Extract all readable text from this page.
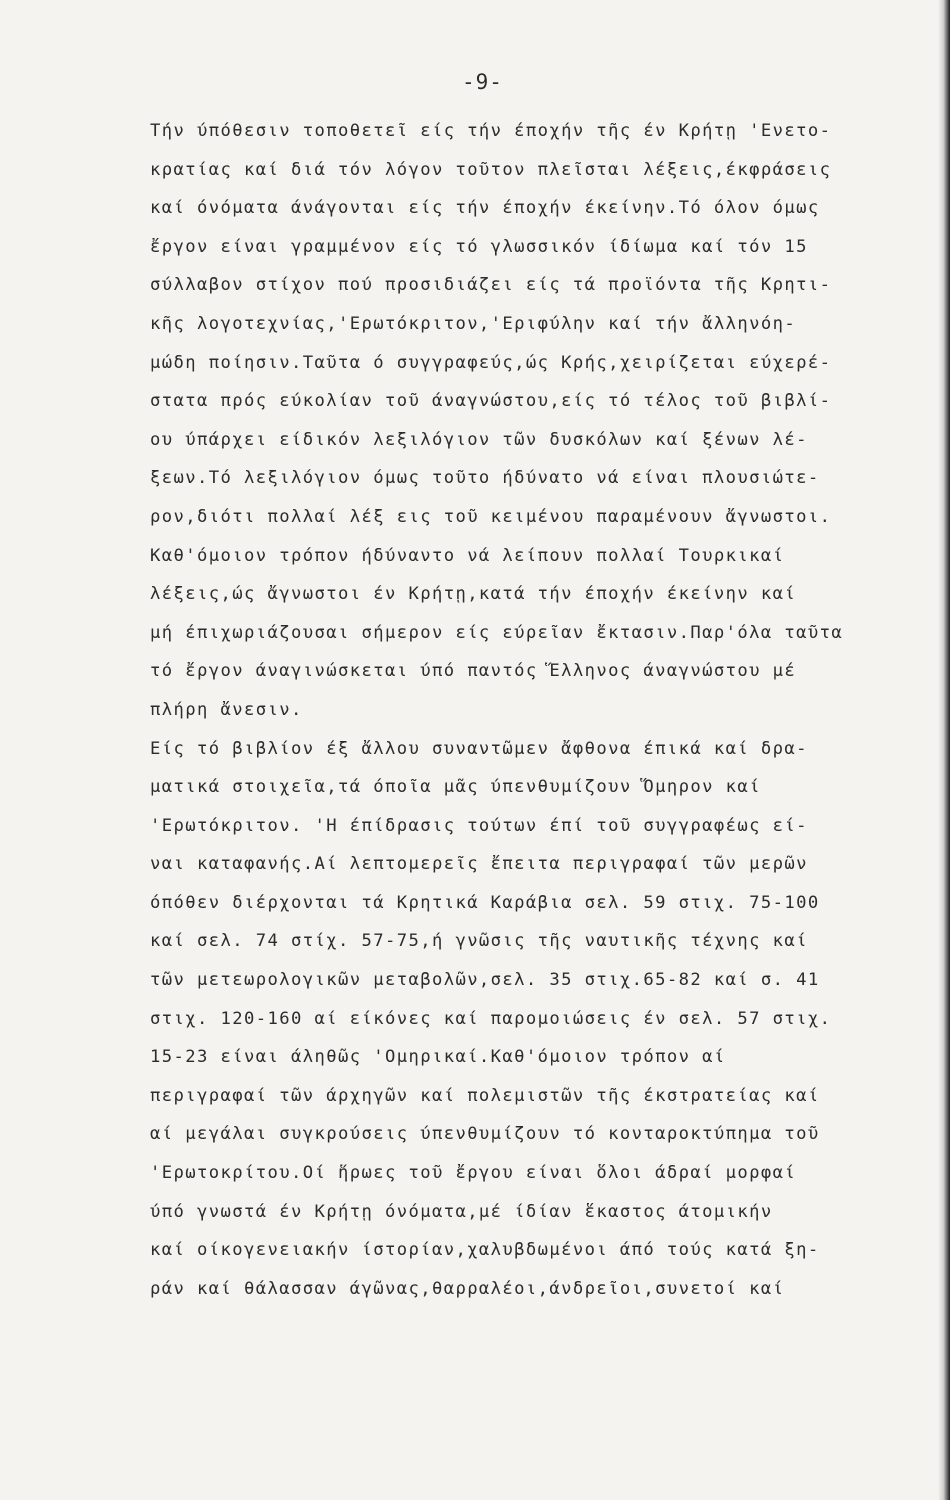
-9-
Τήν ύπόθεσιν τοποθετεῖ είς τήν έποχήν τῆς έν Κρήτῃ 'Ενετο-
κρατίας καί διά τόν λόγον τοῦτον πλεῖσται λέξεις,έκφράσεις
καί όνόματα άνάγονται είς τήν έποχήν έκείνην.Τό όλον όμως
ἔργον είναι γραμμένον είς τό γλωσσικόν ίδίωμα καί τόν 15
σύλλαβον στίχον πού προσιδιάζει είς τά προϊόντα τῆς Κρητι-
κῆς λογοτεχνίας,'Ερωτόκριτον,'Εριφύλην καί τήν ἄλληνόη-
μώδη ποίησιν.Ταῦτα ό συγγραφεύς,ώς Κρής,χειρίζεται εύχερέ-
στατα πρός εύκολίαν τοῦ άναγνώστου,είς τό τέλος τοῦ βιβλί-
ου ύπάρχει είδικόν λεξιλόγιον τῶν δυσκόλων καί ξένων λέ-
ξεων.Τό λεξιλόγιον όμως τοῦτο ήδύνατο νά είναι πλουσιώτε-
ρον,διότι πολλαί λέξ εις τοῦ κειμένου παραμένουν ἄγνωστοι.
Καθ'όμοιον τρόπον ήδύναντο νά λείπουν πολλαί Τουρκικαί
λέξεις,ώς ἄγνωστοι έν Κρήτῃ,κατά τήν έποχήν έκείνην καί
μή έπιχωριάζουσαι σήμερον είς εύρεῖαν ἔκτασιν.Παρ'όλα ταῦτα
τό ἔργον άναγινώσκεται ύπό παντός Ἕλληνος άναγνώστου μέ
πλήρη ἄνεσιν.
Είς τό βιβλίον έξ ἄλλου συναντῶμεν ἄφθονα έπικά καί δρα-
ματικά στοιχεῖα,τά όποῖα μᾶς ύπενθυμίζουν Ὅμηρον καί
'Ερωτόκριτον. 'Η έπίδρασις τούτων έπί τοῦ συγγραφέως εί-
ναι καταφανής.Αί λεπτομερεῖς ἔπειτα περιγραφαί τῶν μερῶν
όπόθεν διέρχονται τά Κρητικά Καράβια σελ. 59 στιχ. 75-100
καί σελ. 74 στίχ. 57-75,ή γνῶσις τῆς ναυτικῆς τέχνης καί
τῶν μετεωρολογικῶν μεταβολῶν,σελ. 35 στιχ.65-82 καί σ. 41
στιχ. 120-160 αί είκόνες καί παρομοιώσεις έν σελ. 57 στιχ.
15-23 είναι άληθῶς 'Ομηρικαί.Καθ'όμοιον τρόπον αί
περιγραφαί τῶν άρχηγῶν καί πολεμιστῶν τῆς έκστρατείας καί
αί μεγάλαι συγκρούσεις ύπενθυμίζουν τό κονταροκτύπημα τοῦ
'Ερωτοκρίτου.Οί ἥρωες τοῦ ἔργου είναι ὅλοι άδραί μορφαί
ύπό γνωστά έν Κρήτῃ όνόματα,μέ ίδίαν ἕκαστος άτομικήν
καί οίκογενειακήν ίστορίαν,χαλυβδωμένοι άπό τούς κατά ξη-
ράν καί θάλασσαν άγῶνας,θαρραλέοι,άνδρεῖοι,συνετοί καί
